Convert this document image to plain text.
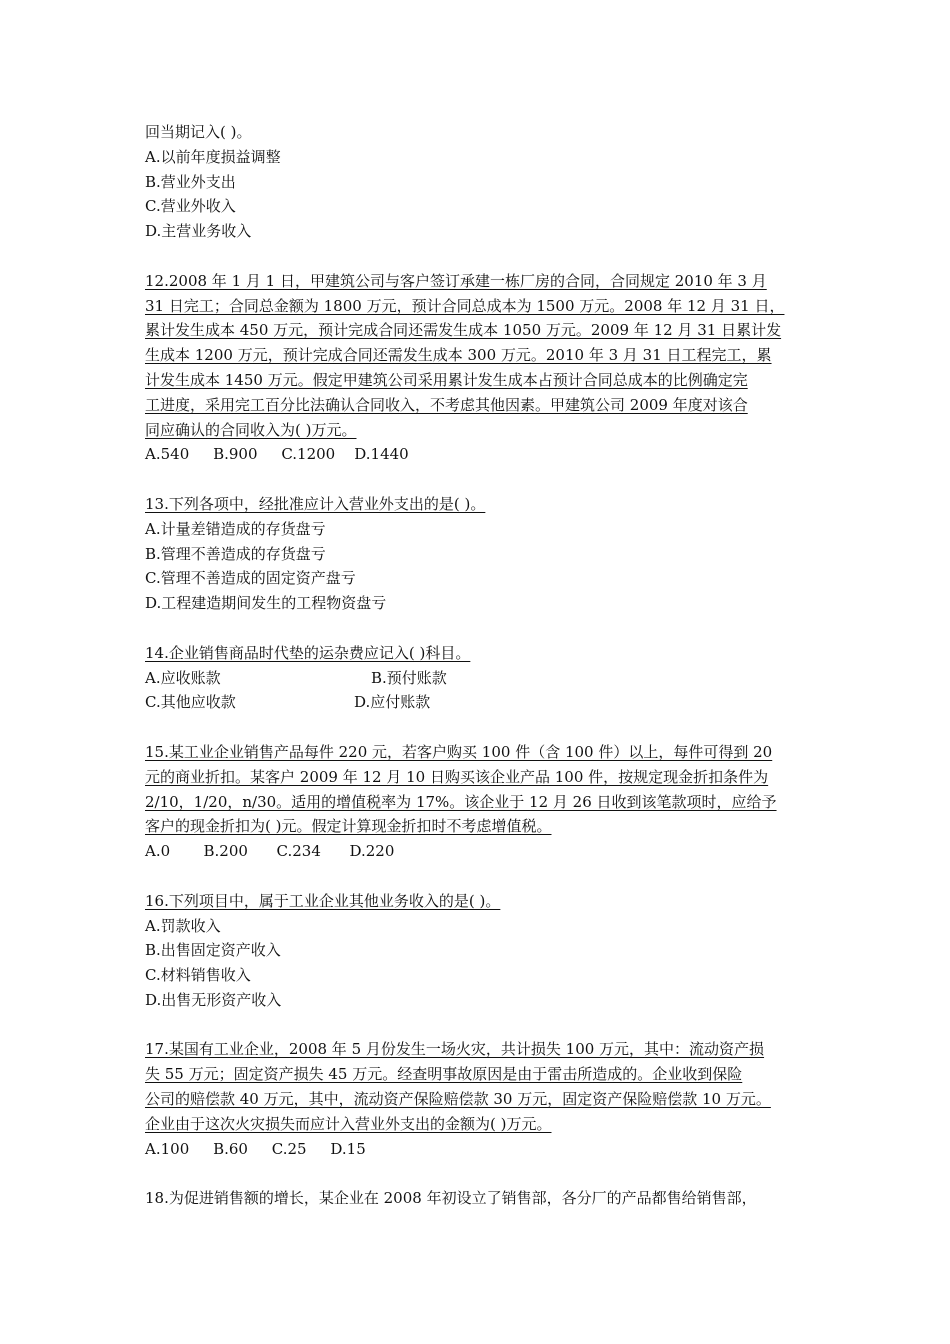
回当期记入( )。

A.以前年度损益调整

B.营业外支出

C.营业外收入

D.主营业务收入

12.2008 年 1 月 1 日，甲建筑公司与客户签订承建一栋厂房的合同，合同规定 2010 年 3 月

31 日完工；合同总金额为 1800 万元，预计合同总成本为 1500 万元。2008 年 12 月 31 日，

累计发生成本 450 万元，预计完成合同还需发生成本 1050 万元。2009 年 12 月 31 日累计发

生成本 1200 万元，预计完成合同还需发生成本 300 万元。2010 年 3 月 31 日工程完工，累

计发生成本 1450 万元。假定甲建筑公司采用累计发生成本占预计合同总成本的比例确定完

工进度，采用完工百分比法确认合同收入，不考虑其他因素。甲建筑公司 2009 年度对该合

同应确认的合同收入为( )万元。

A.540     B.900     C.1200    D.1440

13.下列各项中，经批准应计入营业外支出的是( )。

A.计量差错造成的存货盘亏

B.管理不善造成的存货盘亏

C.管理不善造成的固定资产盘亏

D.工程建造期间发生的工程物资盘亏

14.企业销售商品时代垫的运杂费应记入( )科目。

A.应收账款	B.预付账款

C.其他应收款	D.应付账款

15.某工业企业销售产品每件 220 元，若客户购买 100 件（含 100 件）以上，每件可得到 20

元的商业折扣。某客户 2009 年 12 月 10 日购买该企业产品 100 件，按规定现金折扣条件为

2/10，1/20，n/30。适用的增值税率为 17%。该企业于 12 月 26 日收到该笔款项时，应给予

客户的现金折扣为( )元。假定计算现金折扣时不考虑增值税。

A.0       B.200      C.234      D.220

16.下列项目中，属于工业企业其他业务收入的是( )。

A.罚款收入

B.出售固定资产收入

C.材料销售收入

D.出售无形资产收入

17.某国有工业企业，2008 年 5 月份发生一场火灾，共计损失 100 万元，其中：流动资产损

失 55 万元；固定资产损失 45 万元。经查明事故原因是由于雷击所造成的。企业收到保险

公司的赔偿款 40 万元，其中，流动资产保险赔偿款 30 万元，固定资产保险赔偿款 10 万元。

企业由于这次火灾损失而应计入营业外支出的金额为( )万元。

A.100     B.60     C.25     D.15

18.为促进销售额的增长，某企业在 2008 年初设立了销售部，各分厂的产品都售给销售部，
